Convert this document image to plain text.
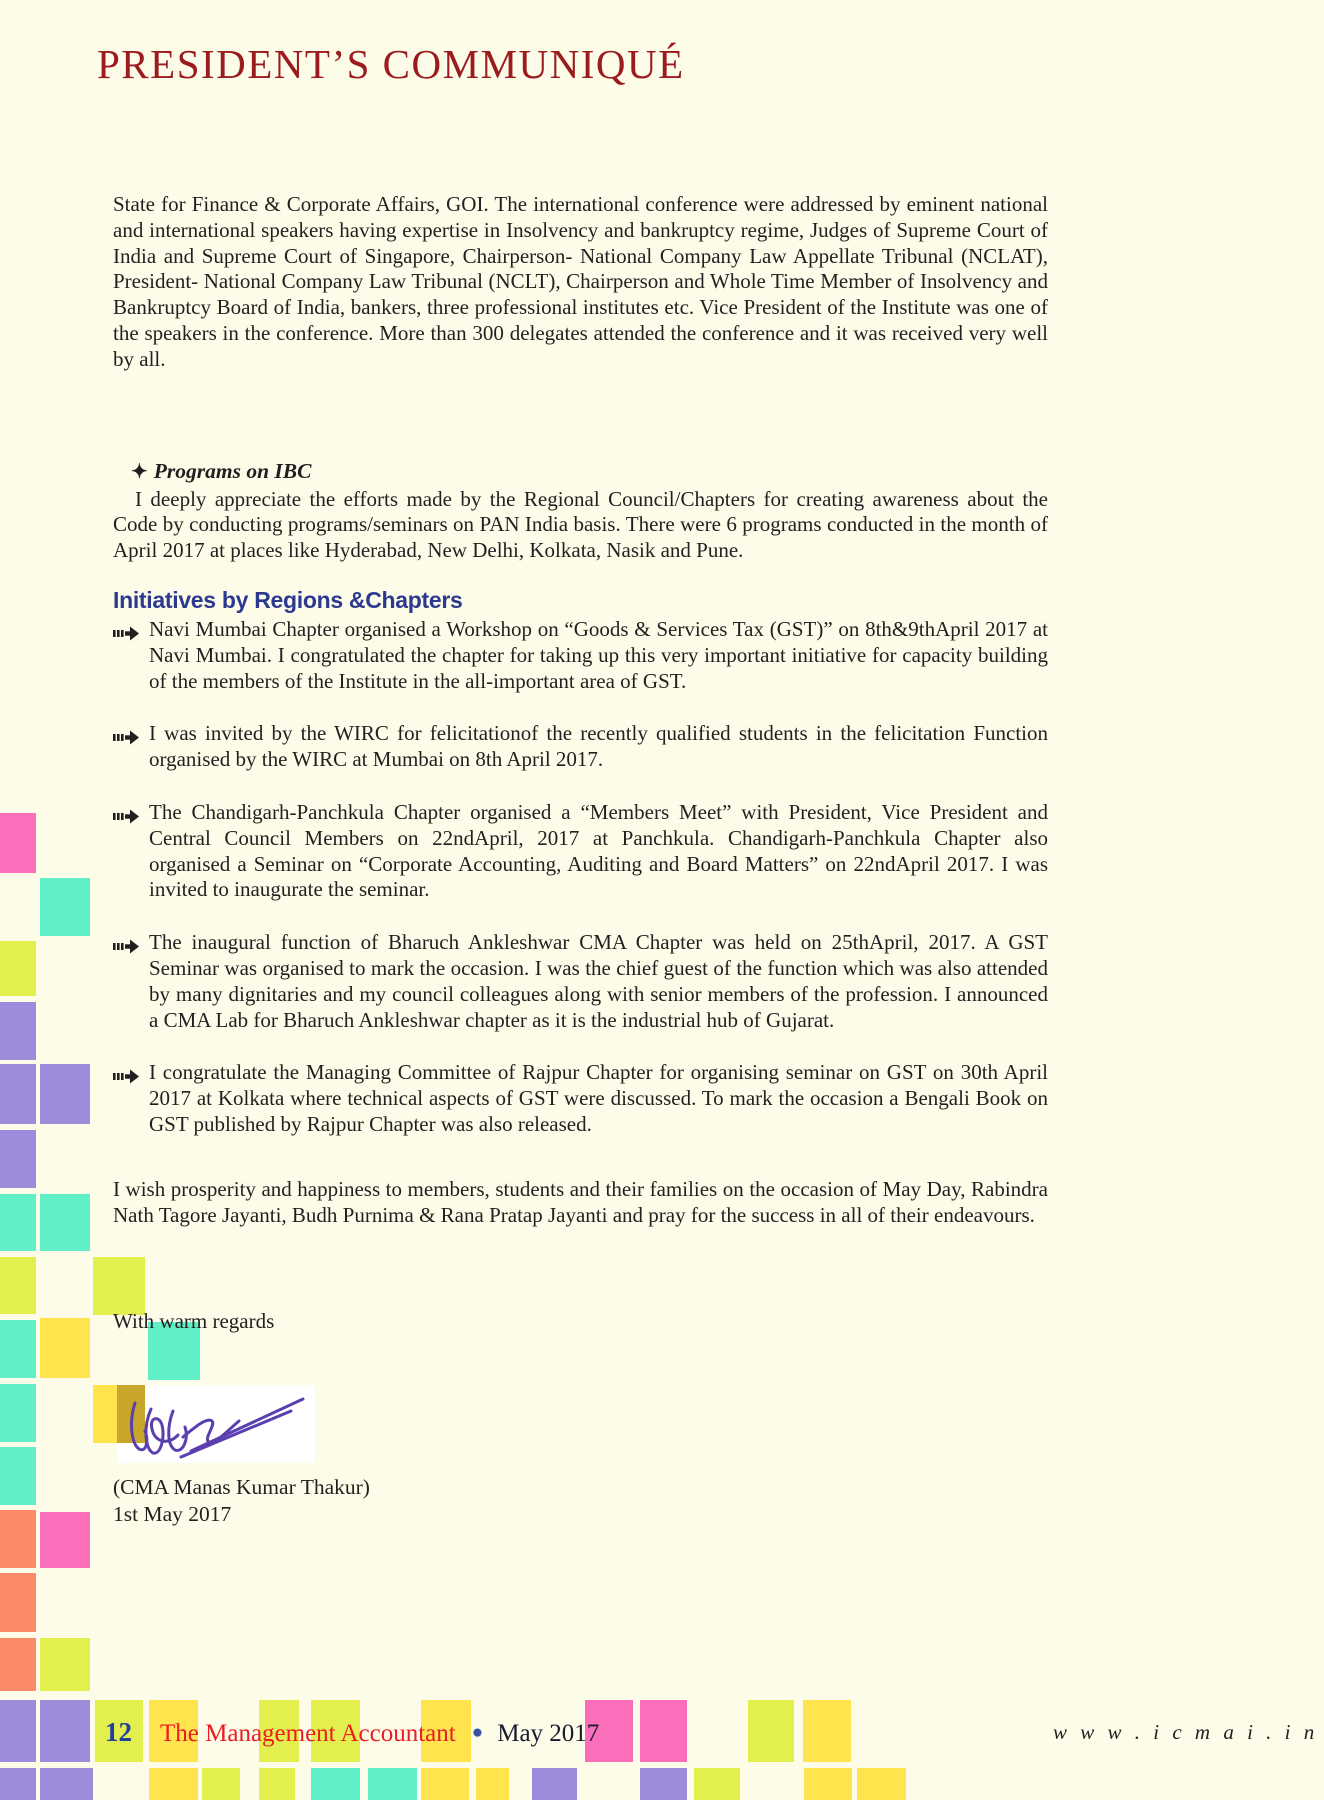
PRESIDENT’S COMMUNIQUÉ

State for Finance & Corporate Affairs, GOI. The international conference were addressed by eminent national and international speakers having expertise in Insolvency and bankruptcy regime, Judges of Supreme Court of India and Supreme Court of Singapore, Chairperson- National Company Law Appellate Tribunal (NCLAT), President- National Company Law Tribunal (NCLT), Chairperson and Whole Time Member of Insolvency and Bankruptcy Board of India, bankers, three professional institutes etc. Vice President of the Institute was one of the speakers in the conference. More than 300 delegates attended the conference and it was received very well by all.

✦ Programs on IBC

I deeply appreciate the efforts made by the Regional Council/Chapters for creating awareness about the Code by conducting programs/seminars on PAN India basis. There were 6 programs conducted in the month of April 2017 at places like Hyderabad, New Delhi, Kolkata, Nasik and Pune.

Initiatives by Regions &Chapters
Navi Mumbai Chapter organised a Workshop on “Goods & Services Tax (GST)” on 8th&9thApril 2017 at Navi Mumbai. I congratulated the chapter for taking up this very important initiative for capacity building of the members of the Institute in the all-important area of GST.
I was invited by the WIRC for felicitationof the recently qualified students in the felicitation Function organised by the WIRC at Mumbai on 8th April 2017.
The Chandigarh-Panchkula Chapter organised a “Members Meet” with President, Vice President and Central Council Members on 22ndApril, 2017 at Panchkula. Chandigarh-Panchkula Chapter also organised a Seminar on “Corporate Accounting, Auditing and Board Matters” on 22ndApril 2017. I was invited to inaugurate the seminar.
The inaugural function of Bharuch Ankleshwar CMA Chapter was held on 25thApril, 2017. A GST Seminar was organised to mark the occasion. I was the chief guest of the function which was also attended by many dignitaries and my council colleagues along with senior members of the profession. I announced a CMA Lab for Bharuch Ankleshwar chapter as it is the industrial hub of Gujarat.
I congratulate the Managing Committee of Rajpur Chapter for organising seminar on GST on 30th April 2017 at Kolkata where technical aspects of GST were discussed. To mark the occasion a Bengali Book on GST published by Rajpur Chapter was also released.

I wish prosperity and happiness to members, students and their families on the occasion of May Day, Rabindra Nath Tagore Jayanti, Budh Purnima & Rana Pratap Jayanti and pray for the success in all of their endeavours.

With warm regards
(CMA Manas Kumar Thakur)
1st May 2017
12 The Management Accountant ● May 2017	w w w . i c m a i . i n
